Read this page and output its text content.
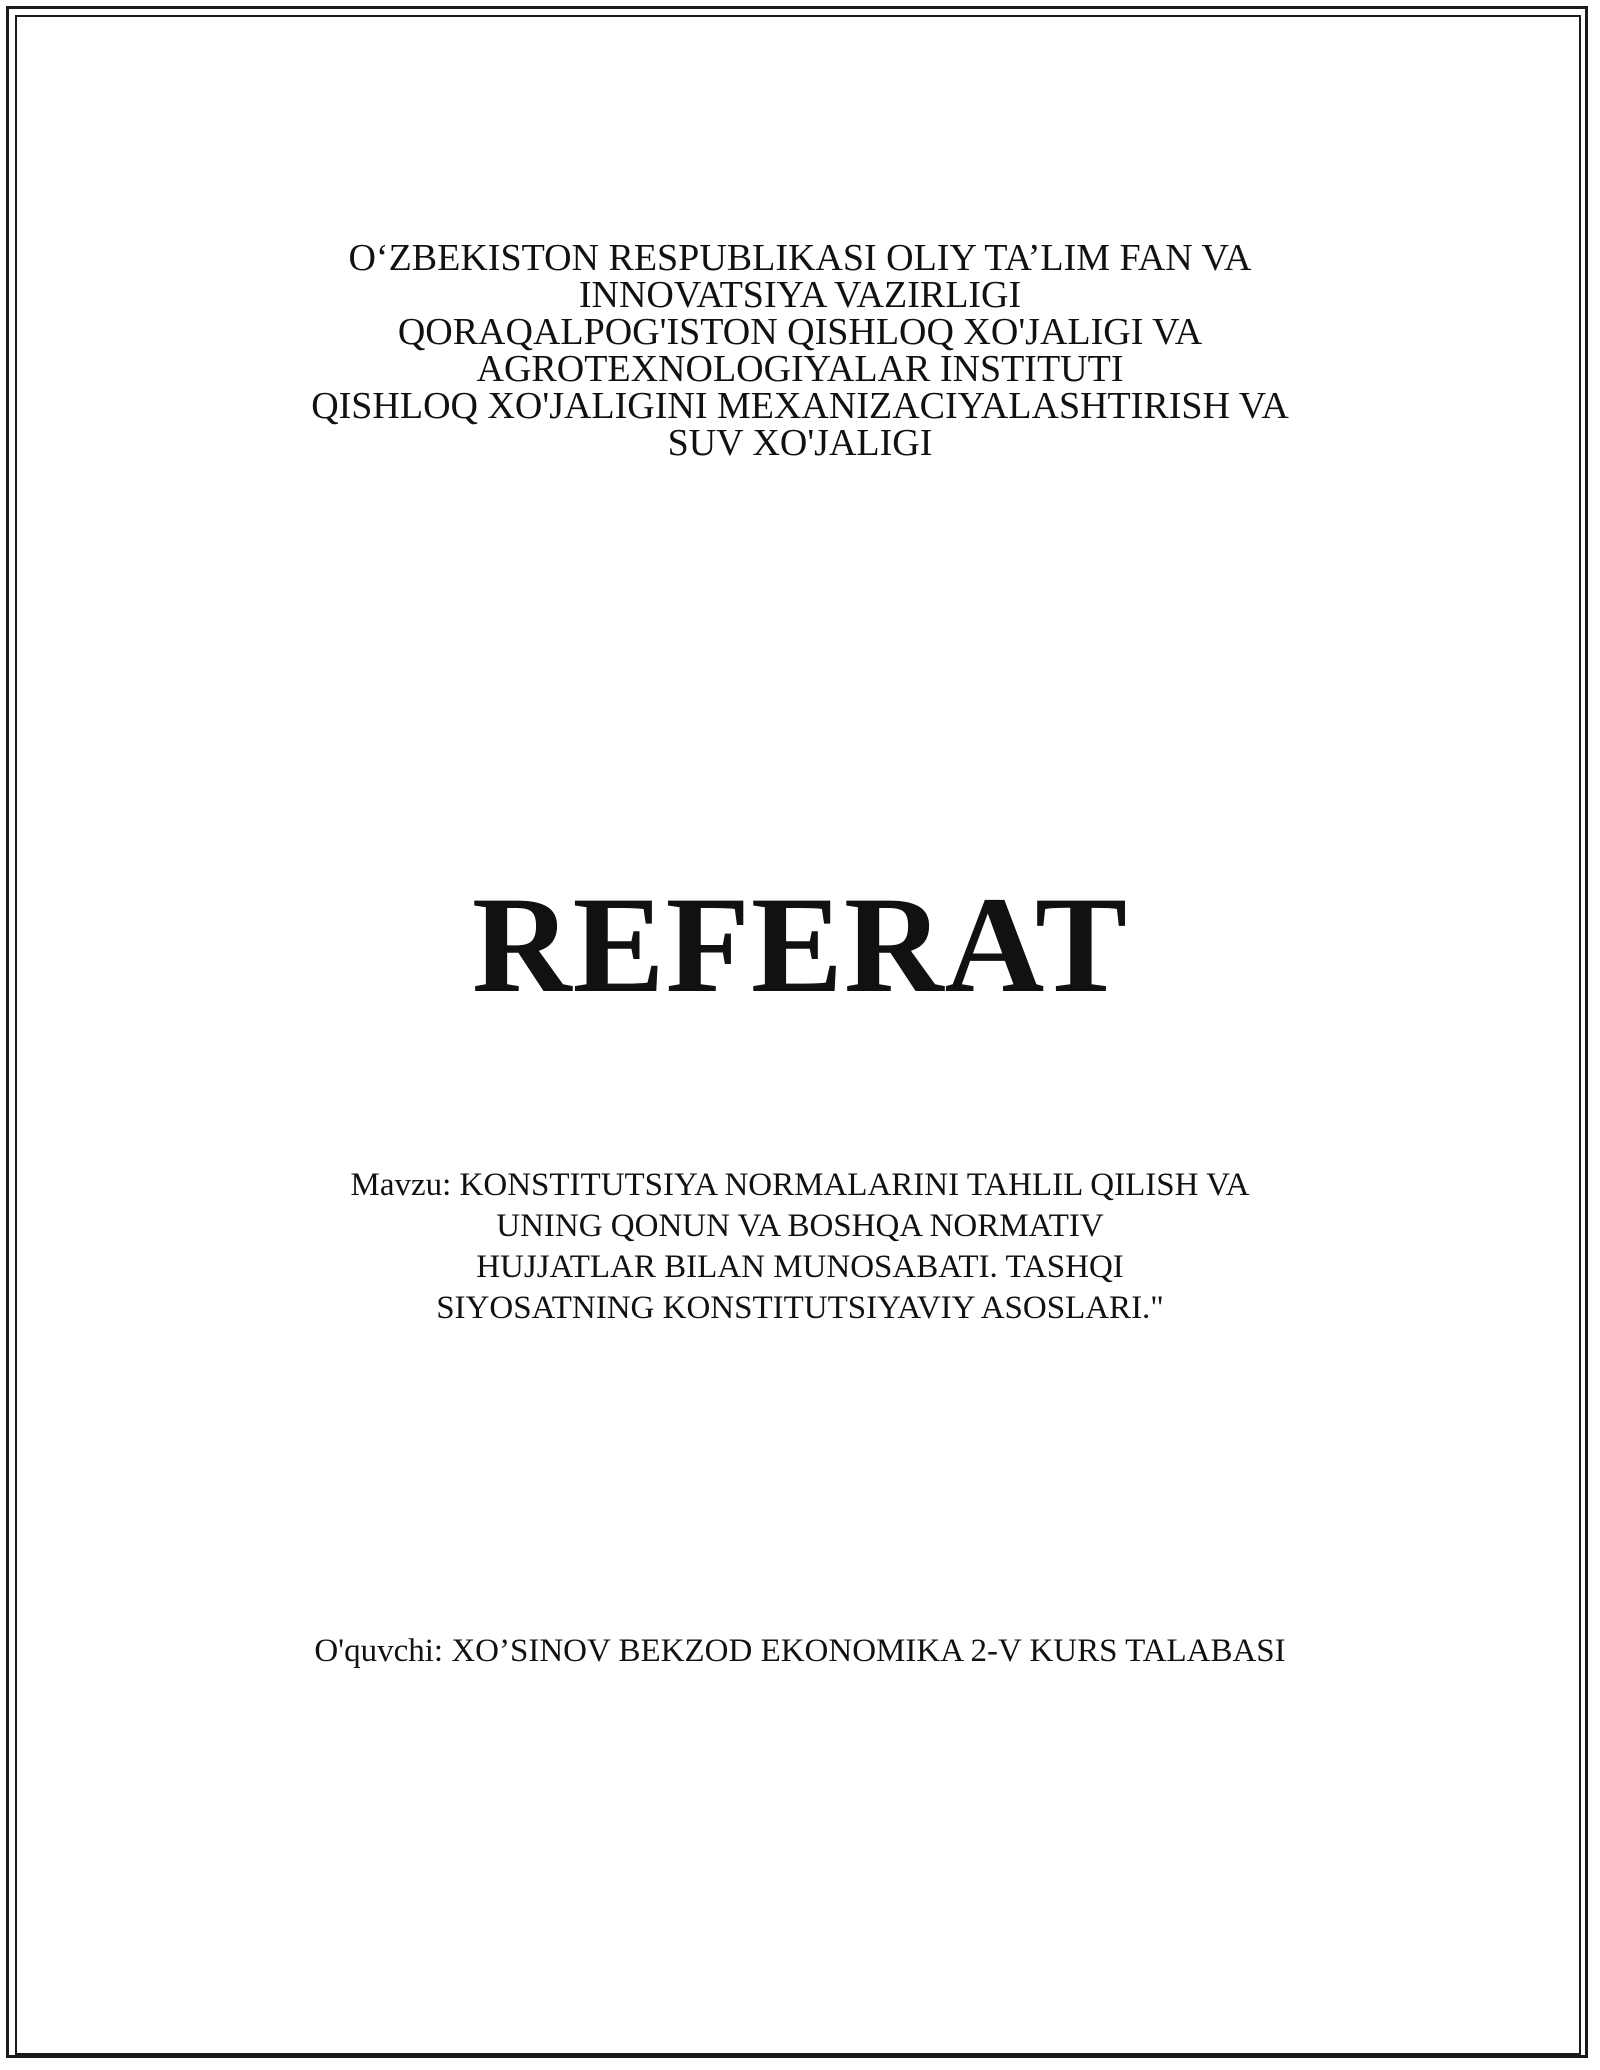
O‘ZBEKISTON RESPUBLIKASI OLIY TA’LIM FAN VA
INNOVATSIYA VAZIRLIGI
QORAQALPOG'ISTON QISHLOQ XO'JALIGI VA
AGROTEXNOLOGIYALAR INSTITUTI
QISHLOQ XO'JALIGINI MEXANIZACIYALASHTIRISH VA
SUV XO'JALIGI
REFERAT
Mavzu: KONSTITUTSIYA NORMALARINI TAHLIL QILISH VA
UNING QONUN VA BOSHQA NORMATIV
HUJJATLAR BILAN MUNOSABATI. TASHQI
SIYOSATNING KONSTITUTSIYAVIY ASOSLARI."
O'quvchi: XO’SINOV BEKZOD EKONOMIKA 2-V KURS TALABASI
